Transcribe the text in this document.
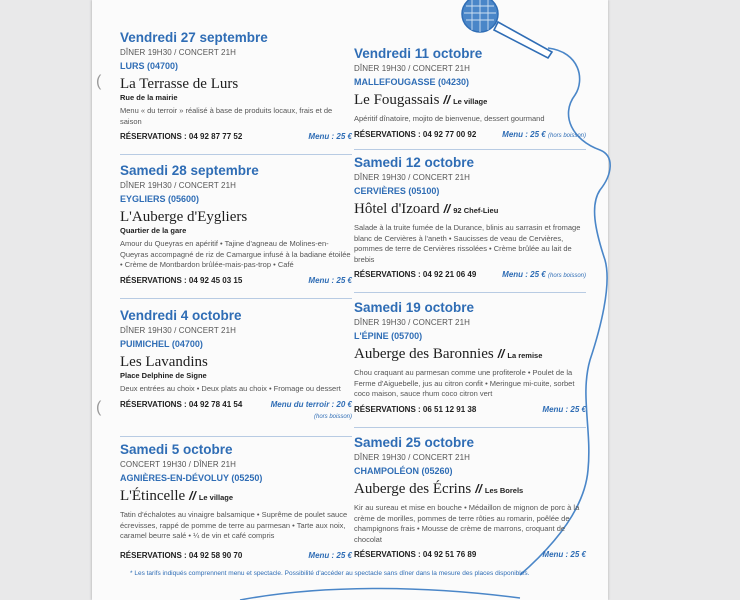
(
(
Vendredi 27 septembre
DÎNER 19H30 / CONCERT 21H
LURS (04700)
La Terrasse de Lurs
Rue de la mairie
Menu « du terroir » réalisé à base de produits locaux, frais et de saison
RÉSERVATIONS : 04 92 87 77 52	Menu : 25 €
Samedi 28 septembre
DÎNER 19H30 / CONCERT 21H
EYGLIERS (05600)
L'Auberge d'Eygliers
Quartier de la gare
Amour du Queyras en apéritif • Tajine d'agneau de Molines-en-Queyras accompagné de riz de Camargue infusé à la badiane étoilée • Crème de Montbardon brûlée-mais-pas-trop • Café
RÉSERVATIONS : 04 92 45 03 15	Menu : 25 €
Vendredi 4 octobre
DÎNER 19H30 / CONCERT 21H
PUIMICHEL (04700)
Les Lavandins
Place Delphine de Signe
Deux entrées au choix • Deux plats au choix • Fromage ou dessert
RÉSERVATIONS : 04 92 78 41 54	Menu du terroir : 20 €
(hors boisson)
Samedi 5 octobre
CONCERT 19H30 / DÎNER 21H
AGNIÈRES-EN-DÉVOLUY (05250)
L'Étincelle // Le village
Tatin d'échalotes au vinaigre balsamique • Suprême de poulet sauce écrevisses, rappé de pomme de terre au parmesan • Tarte aux noix, caramel beurre salé • ¼ de vin et café compris
RÉSERVATIONS : 04 92 58 90 70	Menu : 25 €
Vendredi 11 octobre
DÎNER 19H30 / CONCERT 21H
MALLEFOUGASSE (04230)
Le Fougassais // Le village
Apéritif dînatoire, mojito de bienvenue, dessert gourmand
RÉSERVATIONS : 04 92 77 00 92	Menu : 25 € (hors boisson)
Samedi 12 octobre
DÎNER 19H30 / CONCERT 21H
CERVIÈRES (05100)
Hôtel d'Izoard // 92 Chef-Lieu
Salade à la truite fumée de la Durance, blinis au sarrasin et fromage blanc de Cervières à l'aneth • Saucisses de veau de Cervières, pommes de terre de Cervières rissolées • Crème brûlée au lait de brebis
RÉSERVATIONS : 04 92 21 06 49	Menu : 25 € (hors boisson)
Samedi 19 octobre
DÎNER 19H30 / CONCERT 21H
L'ÉPINE (05700)
Auberge des Baronnies // La remise
Chou craquant au parmesan comme une profiterole • Poulet de la Ferme d'Aiguebelle, jus au citron confit • Meringue mi-cuite, sorbet coco maison, sauce rhum coco citron vert
RÉSERVATIONS : 06 51 12 91 38	Menu : 25 €
Samedi 25 octobre
DÎNER 19H30 / CONCERT 21H
CHAMPOLÉON (05260)
Auberge des Écrins // Les Borels
Kir au sureau et mise en bouche • Médaillon de mignon de porc à la crème de morilles, pommes de terre rôties au romarin, poêlée de champignons frais • Mousse de crème de marrons, croquant de chocolat
RÉSERVATIONS : 04 92 51 76 89	Menu : 25 €
* Les tarifs indiqués comprennent menu et spectacle. Possibilité d'accéder au spectacle sans dîner dans la mesure des places disponibles.
